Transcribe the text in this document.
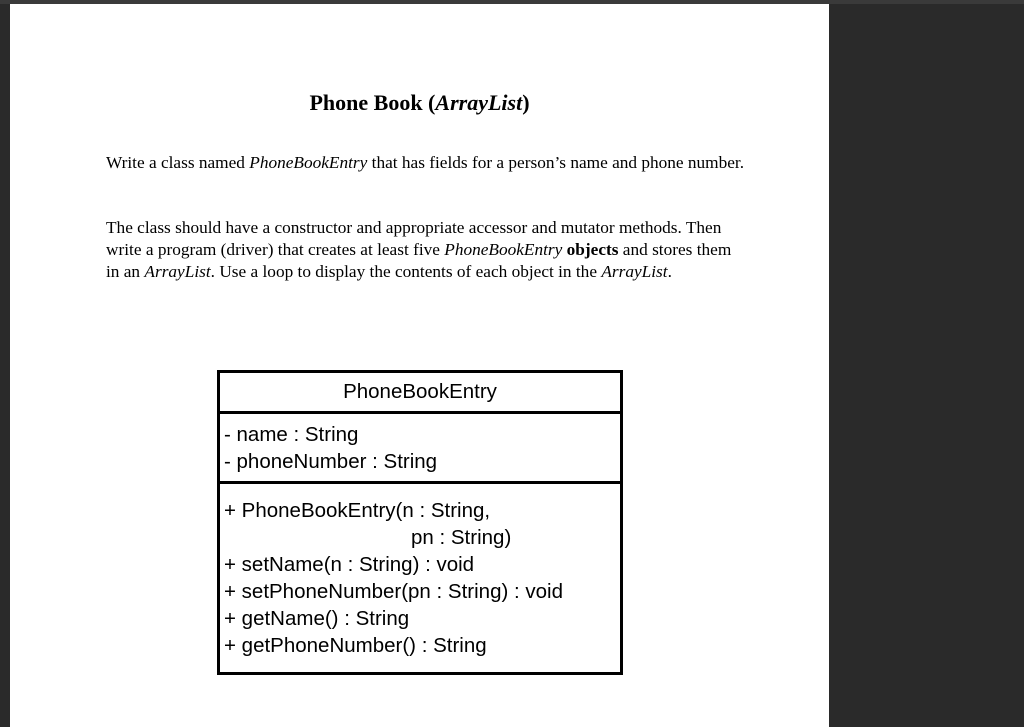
Phone Book (ArrayList)

Write a class named PhoneBookEntry that has fields for a person’s name and phone number.

The class should have a constructor and appropriate accessor and mutator methods. Then write a program (driver) that creates at least five PhoneBookEntry objects and stores them in an ArrayList. Use a loop to display the contents of each object in the ArrayList.

PhoneBookEntry
- name : String
- phoneNumber : String
+ PhoneBookEntry(n : String,
pn : String)
+ setName(n : String) : void
+ setPhoneNumber(pn : String) : void
+ getName() : String
+ getPhoneNumber() : String
